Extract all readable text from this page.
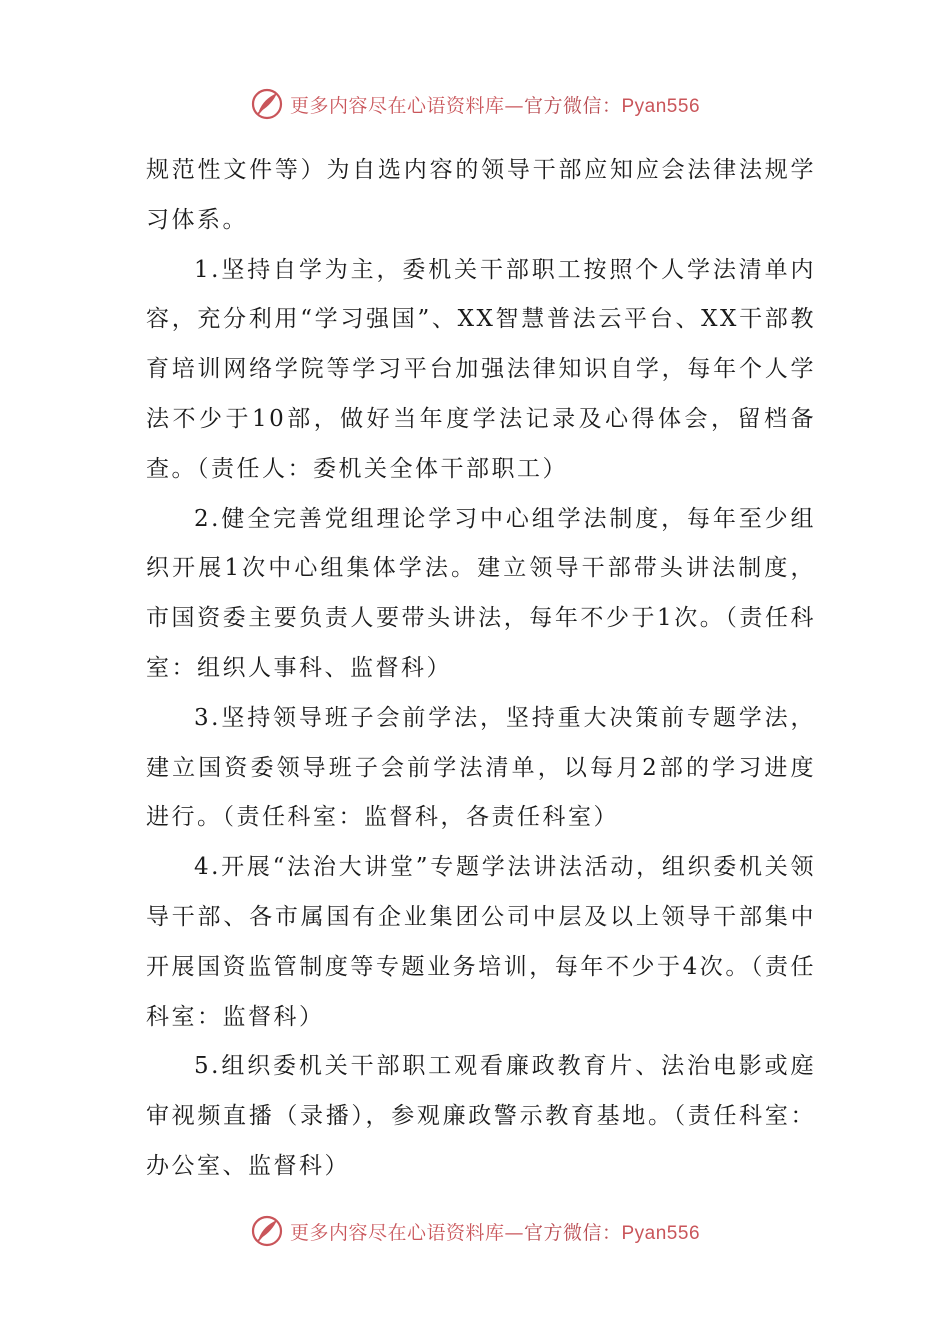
更多内容尽在心语资料库—官方微信：Pyan556

规范性文件等）为自选内容的领导干部应知应会法律法规学习体系。

1.坚持自学为主，委机关干部职工按照个人学法清单内容，充分利用“学习强国”、XX智慧普法云平台、XX干部教育培训网络学院等学习平台加强法律知识自学，每年个人学法不少于10部，做好当年度学法记录及心得体会，留档备查。（责任人：委机关全体干部职工）

2.健全完善党组理论学习中心组学法制度，每年至少组织开展1次中心组集体学法。建立领导干部带头讲法制度，市国资委主要负责人要带头讲法，每年不少于1次。（责任科室：组织人事科、监督科）

3.坚持领导班子会前学法，坚持重大决策前专题学法，建立国资委领导班子会前学法清单，以每月2部的学习进度进行。（责任科室：监督科，各责任科室）

4.开展“法治大讲堂”专题学法讲法活动，组织委机关领导干部、各市属国有企业集团公司中层及以上领导干部集中开展国资监管制度等专题业务培训，每年不少于4次。（责任科室：监督科）

5.组织委机关干部职工观看廉政教育片、法治电影或庭审视频直播（录播），参观廉政警示教育基地。（责任科室：办公室、监督科）

更多内容尽在心语资料库—官方微信：Pyan556
